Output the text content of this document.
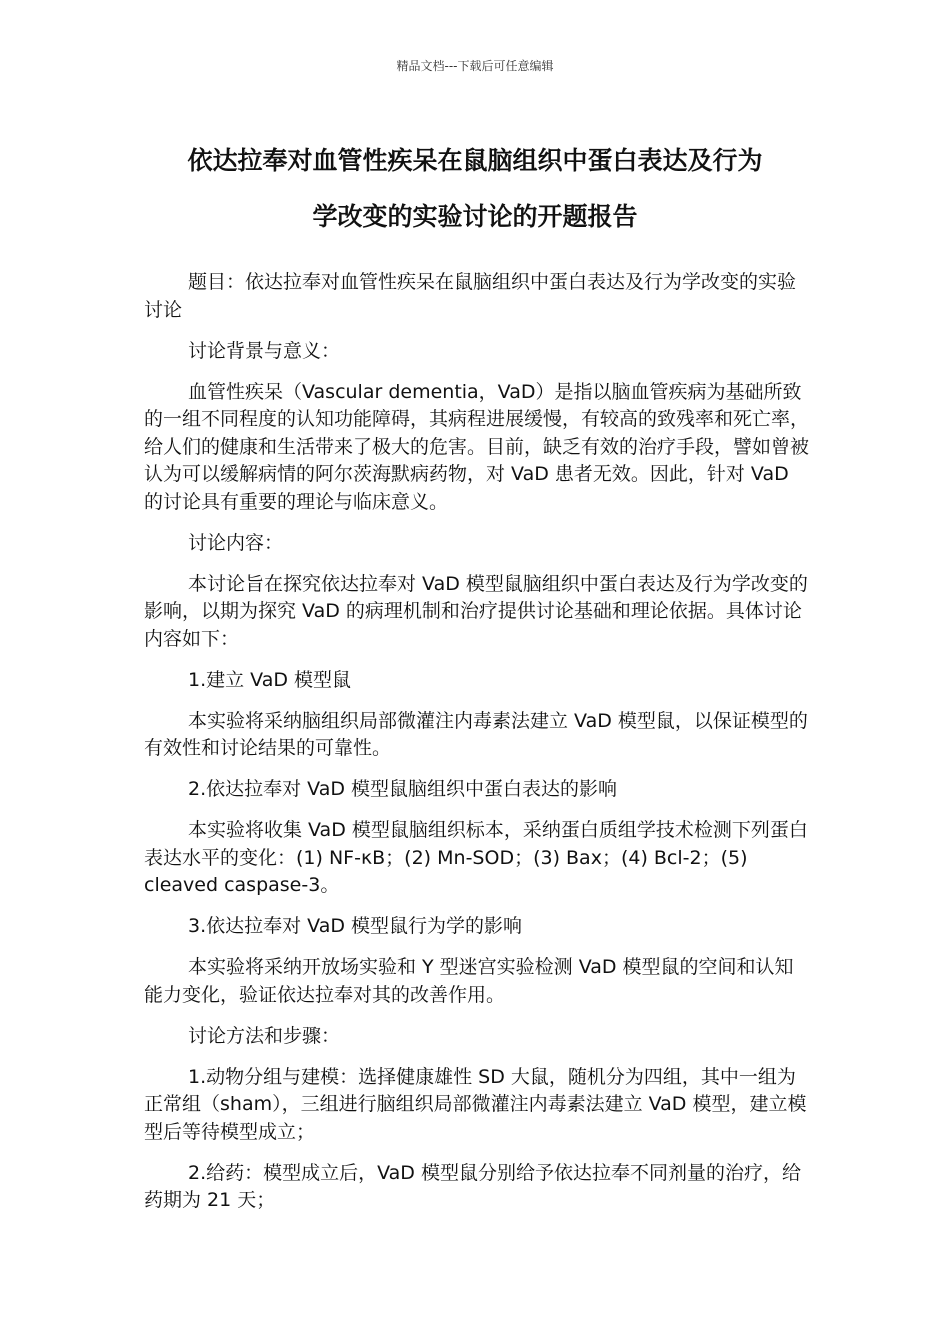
精品文档---下载后可任意编辑
依达拉奉对血管性疾呆在鼠脑组织中蛋白表达及行为
学改变的实验讨论的开题报告

题目：依达拉奉对血管性疾呆在鼠脑组织中蛋白表达及行为学改变的实验讨论

讨论背景与意义：

血管性疾呆（Vascular dementia，VaD）是指以脑血管疾病为基础所致的一组不同程度的认知功能障碍，其病程进展缓慢，有较高的致残率和死亡率，给人们的健康和生活带来了极大的危害。目前，缺乏有效的治疗手段，譬如曾被认为可以缓解病情的阿尔茨海默病药物，对 VaD 患者无效。因此，针对 VaD 的讨论具有重要的理论与临床意义。

讨论内容：

本讨论旨在探究依达拉奉对 VaD 模型鼠脑组织中蛋白表达及行为学改变的影响，以期为探究 VaD 的病理机制和治疗提供讨论基础和理论依据。具体讨论内容如下：

1.建立 VaD 模型鼠

本实验将采纳脑组织局部微灌注内毒素法建立 VaD 模型鼠，以保证模型的有效性和讨论结果的可靠性。

2.依达拉奉对 VaD 模型鼠脑组织中蛋白表达的影响

本实验将收集 VaD 模型鼠脑组织标本，采纳蛋白质组学技术检测下列蛋白表达水平的变化：(1) NF-κB；(2) Mn-SOD；(3) Bax；(4) Bcl-2；(5) cleaved caspase-3。

3.依达拉奉对 VaD 模型鼠行为学的影响

本实验将采纳开放场实验和 Y 型迷宫实验检测 VaD 模型鼠的空间和认知能力变化，验证依达拉奉对其的改善作用。

讨论方法和步骤：

1.动物分组与建模：选择健康雄性 SD 大鼠，随机分为四组，其中一组为正常组（sham），三组进行脑组织局部微灌注内毒素法建立 VaD 模型，建立模型后等待模型成立；

2.给药：模型成立后，VaD 模型鼠分别给予依达拉奉不同剂量的治疗，给药期为 21 天；
